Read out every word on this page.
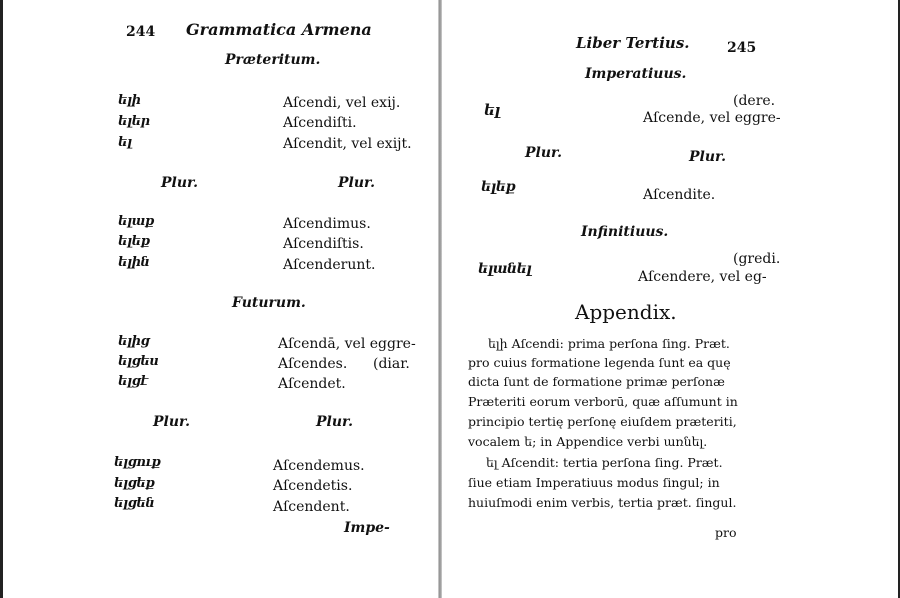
244 Grammatica Armena
Præteritum.
ելի	Aſcendi, vel exij.
ելեր	Aſcendiſti.
ել	Aſcendit, vel exijt.
Plur.	Plur.
ելաք	Aſcendimus.
ելեք	Aſcendiſtis.
ելին	Aſcenderunt.
Futurum.
ելից	Aſcendā, vel eggre-
ելցես	Aſcendes. (diar.
ելցէ	Aſcendet.
Plur.	Plur.
ելցուք	Aſcendemus.
ելցեք	Aſcendetis.
ելցեն	Aſcendent.
Impe-
Liber Tertius.	245
Imperatiuus.
(dere.
ել	Aſcende, vel eggre-
Plur.	Plur.
ելեք	Aſcendite.
Infinitiuus.
(gredi.
ելանել	Aſcendere, vel eg-
Appendix.
ելի Aſcendi: prima perſona ſing. Præt.
pro cuius formatione legenda ſunt ea quę
dicta ſunt de formatione primæ perſonæ
Præteriti eorum verborū, quæ aſſumunt in
principio tertię perſonę eiuſdem præteriti,
vocalem ե; in Appendice verbi առնել.
ել Aſcendit: tertia perſona ſing. Præt.
ſiue etiam Imperatiuus modus ſingul; in
huiuſmodi enim verbis, tertia præt. ſingul.
pro
